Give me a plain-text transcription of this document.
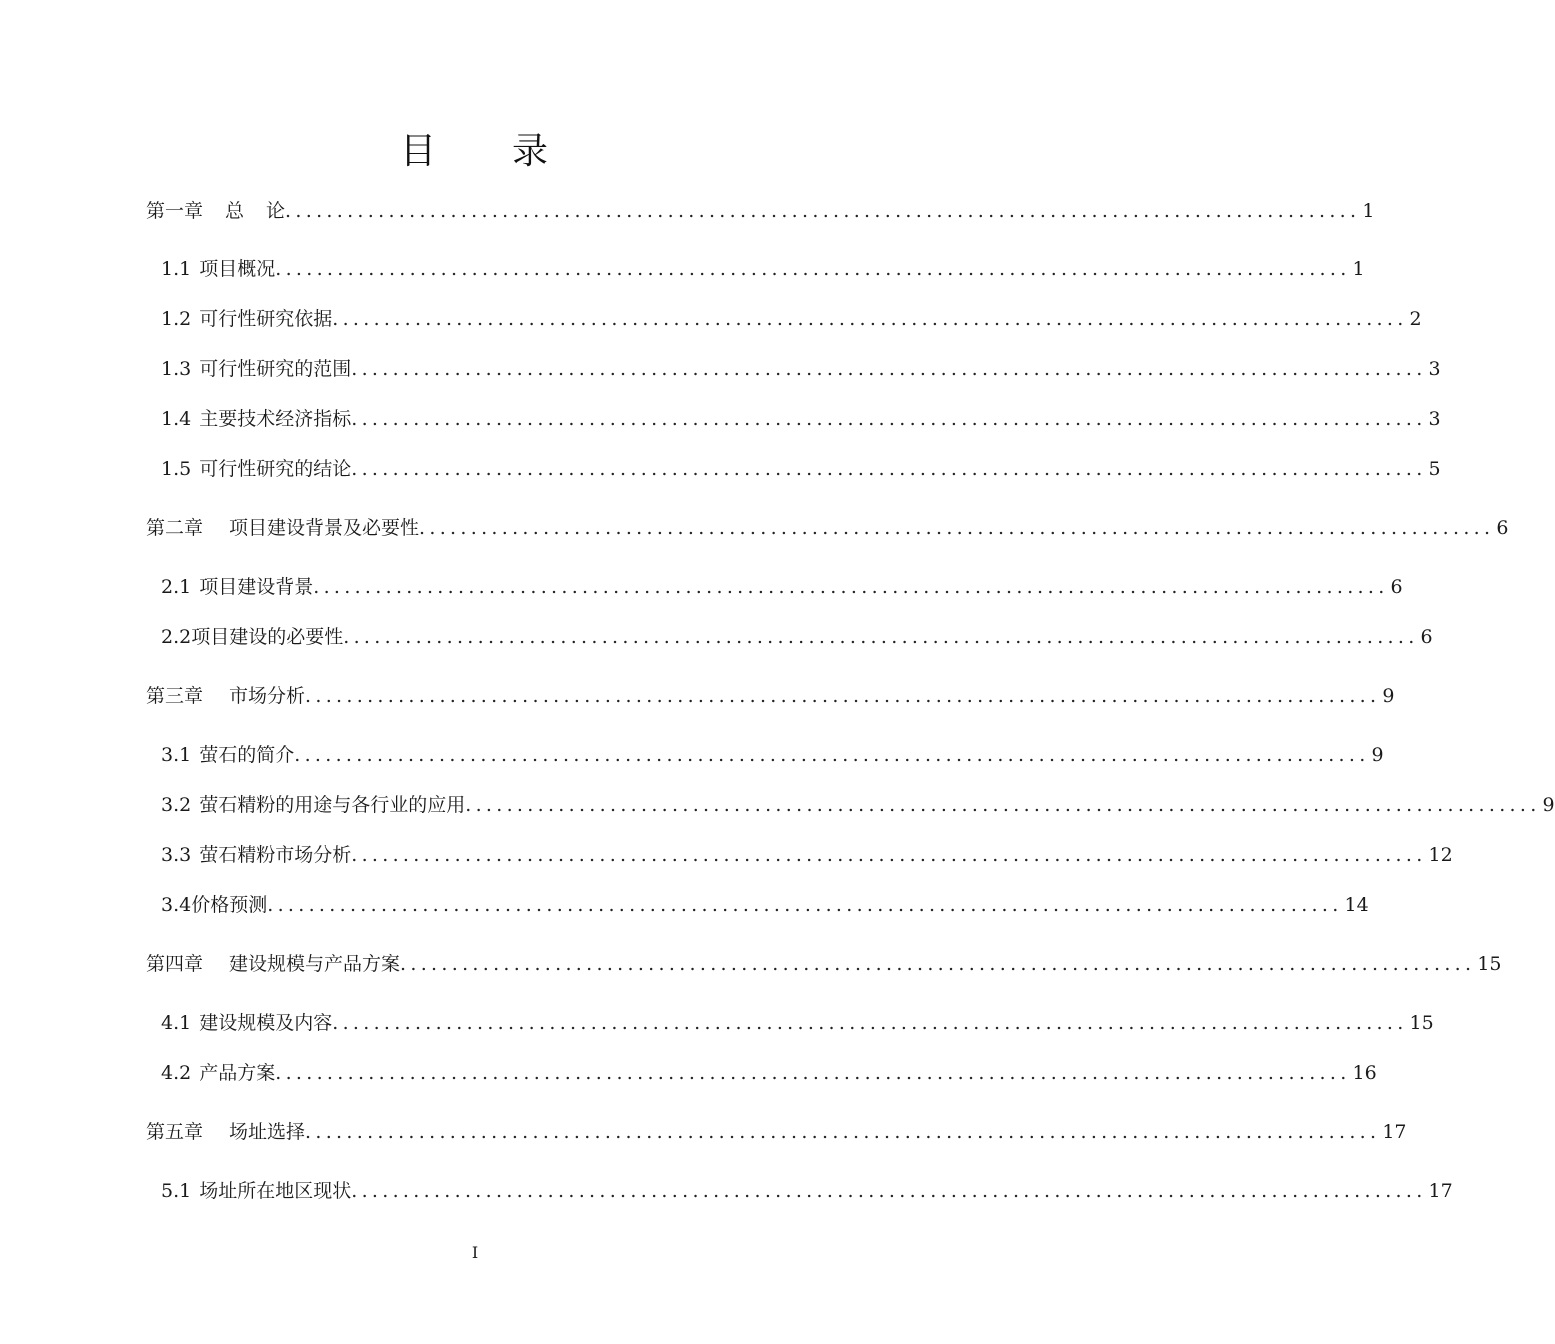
目 录
第一章 总 论 ........................................................................................................ 1
1.1 项目概况 ........................................................................................................ 1
1.2 可行性研究依据 ........................................................................................................ 2
1.3 可行性研究的范围 ........................................................................................................ 3
1.4 主要技术经济指标 ........................................................................................................ 3
1.5 可行性研究的结论 ........................................................................................................ 5
第二章 项目建设背景及必要性 ........................................................................................................ 6
2.1 项目建设背景 ........................................................................................................ 6
2.2项目建设的必要性 ........................................................................................................ 6
第三章 市场分析 ........................................................................................................ 9
3.1 萤石的简介 ........................................................................................................ 9
3.2 萤石精粉的用途与各行业的应用 ........................................................................................................ 9
3.3 萤石精粉市场分析 ........................................................................................................ 12
3.4价格预测 ........................................................................................................ 14
第四章 建设规模与产品方案 ........................................................................................................ 15
4.1 建设规模及内容 ........................................................................................................ 15
4.2 产品方案 ........................................................................................................ 16
第五章 场址选择 ........................................................................................................ 17
5.1 场址所在地区现状 ........................................................................................................ 17
I
